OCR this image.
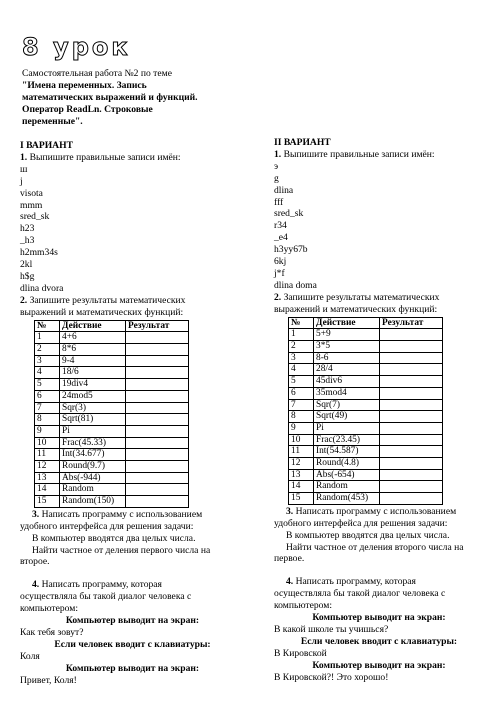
8 урок
Самостоятельная работа №2 по теме
"Имена переменных. Запись
математических выражений и функций.
Оператор ReadLn. Строковые
переменные".
I ВАРИАНТ
1. Выпишите правильные записи имён:
ш
j
visota
mmm
sred_sk
h23
_h3
h2mm34s
2kl
h$g
dlina dvora
2. Запишите результаты математических
выражений и математических функций:
№	Действие	Результат
1	4+6	
2	8*6	
3	9-4	
4	18/6	
5	19div4	
6	24mod5	
7	Sqr(3)	
8	Sqrt(81)	
9	Pi	
10	Frac(45.33)	
11	Int(34.677)	
12	Round(9.7)	
13	Abs(-944)	
14	Random	
15	Random(150)	
3. Написать программу с использованием
удобного интерфейса для решения задачи:
В компьютер вводятся два целых числа.
Найти частное от деления первого числа на
второе.
4. Написать программу, которая
осуществляла бы такой диалог человека с
компьютером:
Компьютер выводит на экран:
Как тебя зовут?
Если человек вводит с клавиатуры:
Коля
Компьютер выводит на экран:
Привет, Коля!
II ВАРИАНТ
1. Выпишите правильные записи имён:
э
g
dlina
fff
sred_sk
r34
_e4
h3yy67b
6kj
j*f
dlina doma
2. Запишите результаты математических
выражений и математических функций:
№	Действие	Результат
1	5+9	
2	3*5	
3	8-6	
4	28/4	
5	45div6	
6	35mod4	
7	Sqr(7)	
8	Sqrt(49)	
9	Pi	
10	Frac(23.45)	
11	Int(54.587)	
12	Round(4.8)	
13	Abs(-654)	
14	Random	
15	Random(453)	
3. Написать программу с использованием
удобного интерфейса для решения задачи:
В компьютер вводятся два целых числа.
Найти частное от деления второго числа на
первое.
4. Написать программу, которая
осуществляла бы такой диалог человека с
компьютером:
Компьютер выводит на экран:
В какой школе ты учишься?
Если человек вводит с клавиатуры:
В Кировской
Компьютер выводит на экран:
В Кировской?! Это хорошо!
